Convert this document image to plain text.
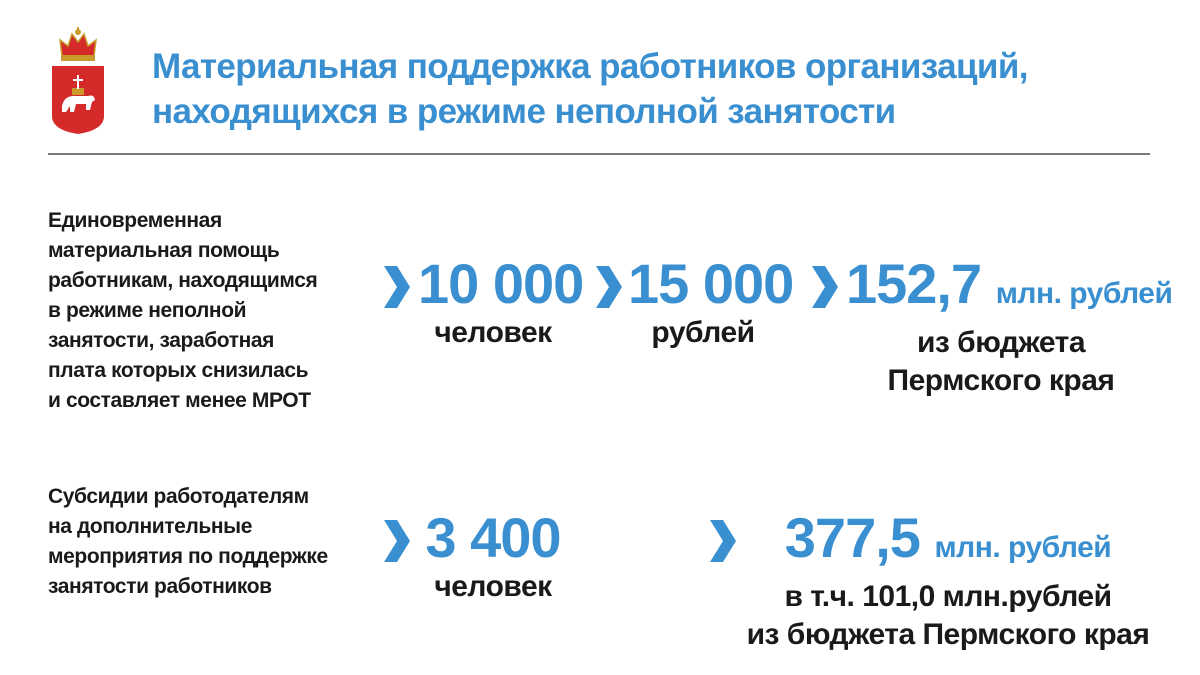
Материальная поддержка работников организаций,
находящихся в режиме неполной занятости
Единовременная
материальная помощь
работникам, находящимся
в режиме неполной
занятости, заработная
плата которых снизилась
и составляет менее МРОТ
10 000
человек
15 000
рублей
152,7 млн. рублей
из бюджета
Пермского края
Субсидии работодателям
на дополнительные
мероприятия по поддержке
занятости работников
3 400
человек
377,5 млн. рублей
в т.ч. 101,0 млн.рублей
из бюджета Пермского края
